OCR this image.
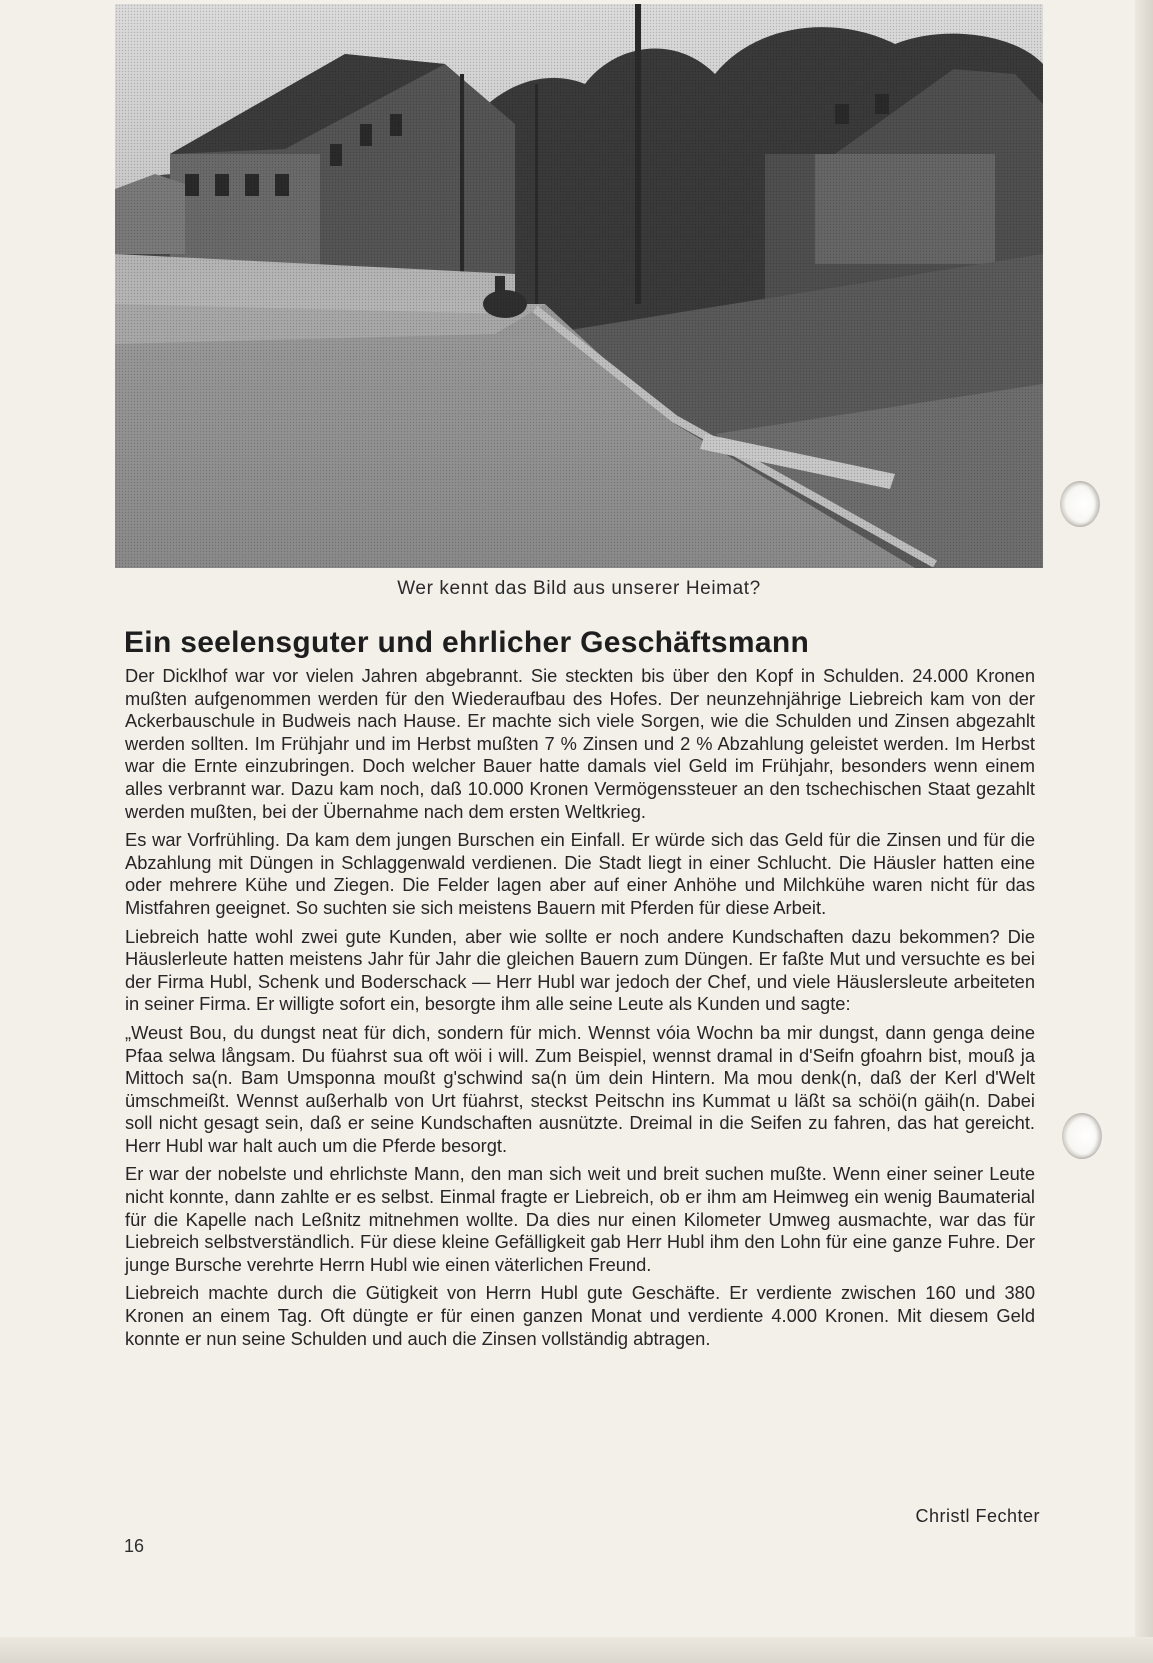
Wer kennt das Bild aus unserer Heimat?
Ein seelensguter und ehrlicher Geschäftsmann

Der Dicklhof war vor vielen Jahren abgebrannt. Sie steckten bis über den Kopf in Schulden. 24.000 Kronen mußten aufgenommen werden für den Wiederaufbau des Hofes. Der neunzehnjährige Liebreich kam von der Ackerbauschule in Budweis nach Hause. Er machte sich viele Sorgen, wie die Schulden und Zinsen abgezahlt werden sollten. Im Frühjahr und im Herbst mußten 7 % Zinsen und 2 % Abzahlung geleistet werden. Im Herbst war die Ernte einzubringen. Doch welcher Bauer hatte damals viel Geld im Frühjahr, besonders wenn einem alles verbrannt war. Dazu kam noch, daß 10.000 Kronen Vermögenssteuer an den tschechischen Staat gezahlt werden mußten, bei der Übernahme nach dem ersten Weltkrieg.

Es war Vorfrühling. Da kam dem jungen Burschen ein Einfall. Er würde sich das Geld für die Zinsen und für die Abzahlung mit Düngen in Schlaggenwald verdienen. Die Stadt liegt in einer Schlucht. Die Häusler hatten eine oder mehrere Kühe und Ziegen. Die Felder lagen aber auf einer Anhöhe und Milchkühe waren nicht für das Mistfahren geeignet. So suchten sie sich meistens Bauern mit Pferden für diese Arbeit.

Liebreich hatte wohl zwei gute Kunden, aber wie sollte er noch andere Kundschaften dazu bekommen? Die Häuslerleute hatten meistens Jahr für Jahr die gleichen Bauern zum Düngen. Er faßte Mut und versuchte es bei der Firma Hubl, Schenk und Boderschack — Herr Hubl war jedoch der Chef, und viele Häuslersleute arbeiteten in seiner Firma. Er willigte sofort ein, besorgte ihm alle seine Leute als Kunden und sagte:

„Weust Bou, du dungst neat für dich, sondern für mich. Wennst vóia Wochn ba mir dungst, dann genga deine Pfaa selwa långsam. Du füahrst sua oft wöi i will. Zum Beispiel, wennst dramal in d'Seifn gfoahrn bist, mouß ja Mittoch sa(n. Bam Umsponna moußt g'schwind sa(n üm dein Hintern. Ma mou denk(n, daß der Kerl d'Welt ümschmeißt. Wennst außerhalb von Urt füahrst, steckst Peitschn ins Kummat u läßt sa schöi(n gäih(n. Dabei soll nicht gesagt sein, daß er seine Kundschaften ausnützte. Dreimal in die Seifen zu fahren, das hat gereicht. Herr Hubl war halt auch um die Pferde besorgt.

Er war der nobelste und ehrlichste Mann, den man sich weit und breit suchen mußte. Wenn einer seiner Leute nicht konnte, dann zahlte er es selbst. Einmal fragte er Liebreich, ob er ihm am Heimweg ein wenig Baumaterial für die Kapelle nach Leßnitz mitnehmen wollte. Da dies nur einen Kilometer Umweg ausmachte, war das für Liebreich selbstverständlich. Für diese kleine Gefälligkeit gab Herr Hubl ihm den Lohn für eine ganze Fuhre. Der junge Bursche verehrte Herrn Hubl wie einen väterlichen Freund.

Liebreich machte durch die Gütigkeit von Herrn Hubl gute Geschäfte. Er verdiente zwischen 160 und 380 Kronen an einem Tag. Oft düngte er für einen ganzen Monat und verdiente 4.000 Kronen. Mit diesem Geld konnte er nun seine Schulden und auch die Zinsen vollständig abtragen.

Christl Fechter
16
